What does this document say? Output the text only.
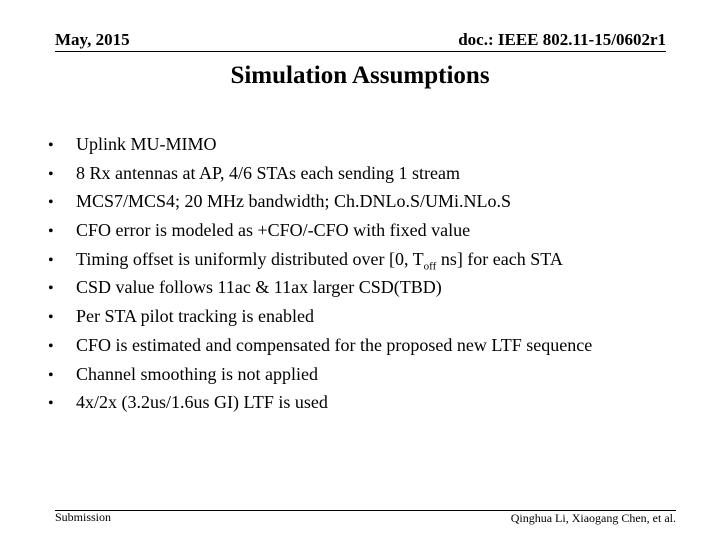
May, 2015	doc.: IEEE 802.11-15/0602r1
Simulation Assumptions
• Uplink MU-MIMO
• 8 Rx antennas at AP, 4/6 STAs each sending 1 stream
• MCS7/MCS4; 20 MHz bandwidth; Ch.DNLo.S/UMi.NLo.S
• CFO error is modeled as +CFO/-CFO with fixed value
• Timing offset is uniformly distributed over [0, $T_{off}$ ns] for each STA
• CSD value follows 11ac & 11ax larger CSD(TBD)
• Per STA pilot tracking is enabled
• CFO is estimated and compensated for the proposed new LTF sequence
• Channel smoothing is not applied
• 4x/2x (3.2us/1.6us GI) LTF is used
Submission	Qinghua Li, Xiaogang Chen, et al.
